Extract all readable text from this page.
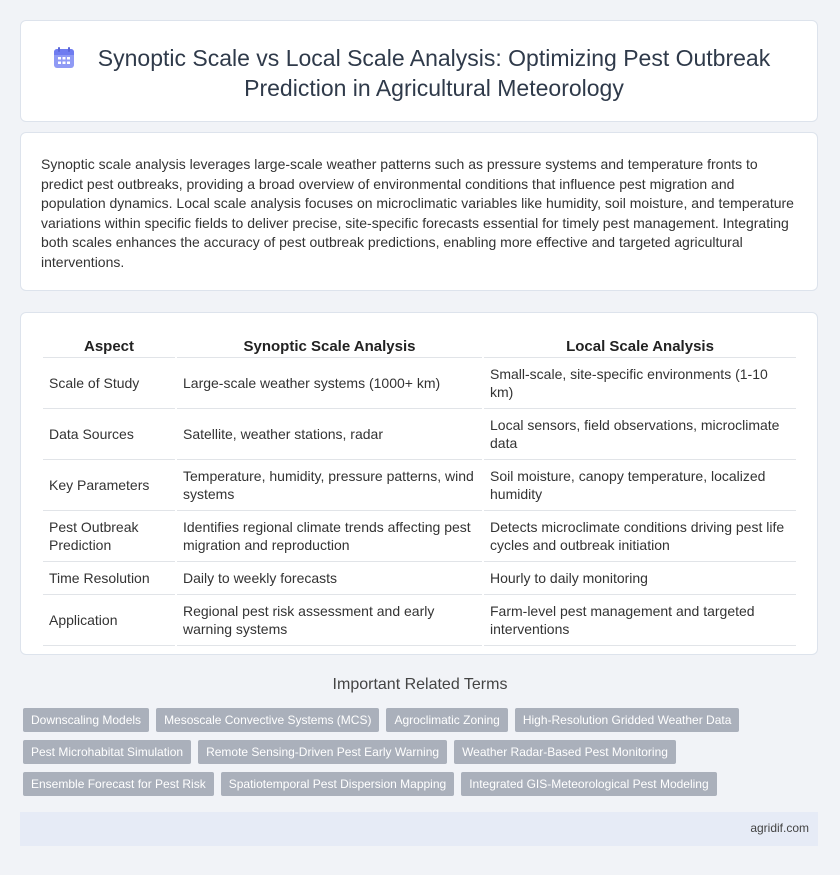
Synoptic Scale vs Local Scale Analysis: Optimizing Pest Outbreak Prediction in Agricultural Meteorology

Synoptic scale analysis leverages large-scale weather patterns such as pressure systems and temperature fronts to predict pest outbreaks, providing a broad overview of environmental conditions that influence pest migration and population dynamics. Local scale analysis focuses on microclimatic variables like humidity, soil moisture, and temperature variations within specific fields to deliver precise, site-specific forecasts essential for timely pest management. Integrating both scales enhances the accuracy of pest outbreak predictions, enabling more effective and targeted agricultural interventions.

Aspect	Synoptic Scale Analysis	Local Scale Analysis
Scale of Study	Large-scale weather systems (1000+ km)	Small-scale, site-specific environments (1-10 km)
Data Sources	Satellite, weather stations, radar	Local sensors, field observations, microclimate data
Key Parameters	Temperature, humidity, pressure patterns, wind systems	Soil moisture, canopy temperature, localized humidity
Pest Outbreak Prediction	Identifies regional climate trends affecting pest migration and reproduction	Detects microclimate conditions driving pest life cycles and outbreak initiation
Time Resolution	Daily to weekly forecasts	Hourly to daily monitoring
Application	Regional pest risk assessment and early warning systems	Farm-level pest management and targeted interventions
Important Related Terms
Downscaling Models	Mesoscale Convective Systems (MCS)	Agroclimatic Zoning	High-Resolution Gridded Weather Data
Pest Microhabitat Simulation	Remote Sensing-Driven Pest Early Warning	Weather Radar-Based Pest Monitoring
Ensemble Forecast for Pest Risk	Spatiotemporal Pest Dispersion Mapping	Integrated GIS-Meteorological Pest Modeling
agridif.com
